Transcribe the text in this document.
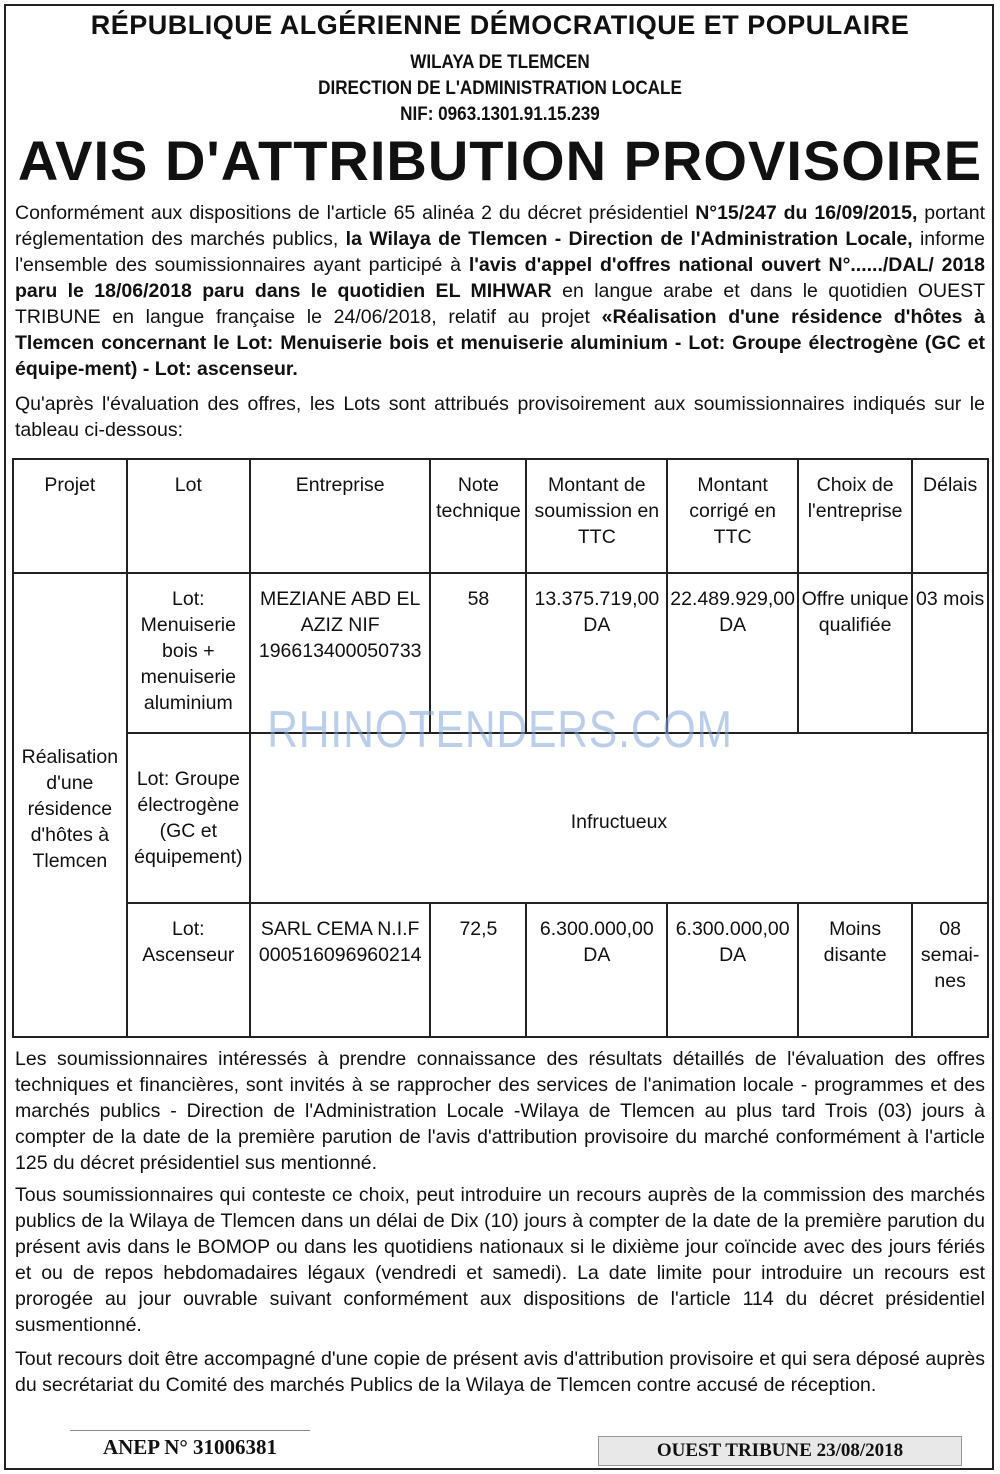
RÉPUBLIQUE ALGÉRIENNE DÉMOCRATIQUE ET POPULAIRE
WILAYA DE TLEMCEN
DIRECTION DE L'ADMINISTRATION LOCALE
NIF: 0963.1301.91.15.239
AVIS D'ATTRIBUTION PROVISOIRE
Conformément aux dispositions de l'article 65 alinéa 2 du décret présidentiel N°15/247 du 16/09/2015, portant réglementation des marchés publics, la Wilaya de Tlemcen - Direction de l'Administration Locale, informe l'ensemble des soumissionnaires ayant participé à l'avis d'appel d'offres national ouvert N°....../DAL/ 2018 paru le 18/06/2018 paru dans le quotidien EL MIHWAR en langue arabe et dans le quotidien OUEST TRIBUNE en langue française le 24/06/2018, relatif au projet «Réalisation d'une résidence d'hôtes à Tlemcen concernant le Lot: Menuiserie bois et menuiserie aluminium - Lot: Groupe électrogène (GC et équipe-ment) - Lot: ascenseur.
Qu'après l'évaluation des offres, les Lots sont attribués provisoirement aux soumissionnaires indiqués sur le tableau ci-dessous:
Projet	Lot	Entreprise	Note technique	Montant de soumission en TTC	Montant corrigé en TTC	Choix de l'entreprise	Délais
Réalisation d'une résidence d'hôtes à Tlemcen	Lot: Menuiserie bois + menuiserie aluminium	MEZIANE ABD EL AZIZ NIF 196613400050733	58	13.375.719,00 DA	22.489.929,00 DA	Offre unique qualifiée	03 mois
	Lot: Groupe électrogène (GC et équipement)	Infructueux					
	Lot: Ascenseur	SARL CEMA N.I.F 000516096960214	72,5	6.300.000,00 DA	6.300.000,00 DA	Moins disante	08 semai-nes
RHINOTENDERS.COM
Les soumissionnaires intéressés à prendre connaissance des résultats détaillés de l'évaluation des offres techniques et financières, sont invités à se rapprocher des services de l'animation locale - programmes et des marchés publics - Direction de l'Administration Locale -Wilaya de Tlemcen au plus tard Trois (03) jours à compter de la date de la première parution de l'avis d'attribution provisoire du marché conformément à l'article 125 du décret présidentiel sus mentionné.
Tous soumissionnaires qui conteste ce choix, peut introduire un recours auprès de la commission des marchés publics de la Wilaya de Tlemcen dans un délai de Dix (10) jours à compter de la date de la première parution du présent avis dans le BOMOP ou dans les quotidiens nationaux si le dixième jour coïncide avec des jours fériés et ou de repos hebdomadaires légaux (vendredi et samedi). La date limite pour introduire un recours est prorogée au jour ouvrable suivant conformément aux dispositions de l'article 114 du décret présidentiel susmentionné.
Tout recours doit être accompagné d'une copie de présent avis d'attribution provisoire et qui sera déposé auprès du secrétariat du Comité des marchés Publics de la Wilaya de Tlemcen contre accusé de réception.
ANEP N° 31006381	OUEST TRIBUNE 23/08/2018
